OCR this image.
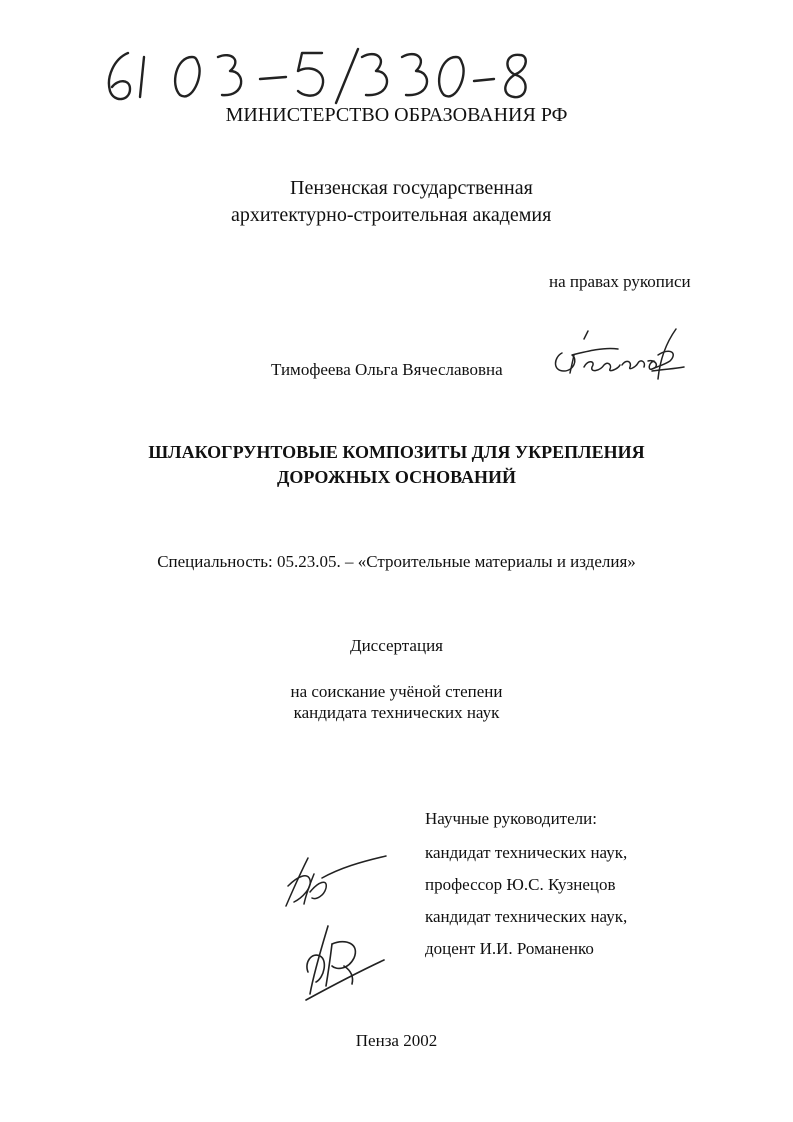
МИНИСТЕРСТВО ОБРАЗОВАНИЯ РФ
Пензенская государственная
архитектурно-строительная академия
на правах рукописи
Тимофеева Ольга Вячеславовна
ШЛАКОГРУНТОВЫЕ КОМПОЗИТЫ ДЛЯ УКРЕПЛЕНИЯ
ДОРОЖНЫХ ОСНОВАНИЙ
Специальность: 05.23.05. – «Строительные материалы и изделия»
Диссертация
на соискание учёной степени
кандидата технических наук
Научные руководители:
кандидат технических наук,
профессор Ю.С. Кузнецов
кандидат технических наук,
доцент И.И. Романенко
Пенза 2002
